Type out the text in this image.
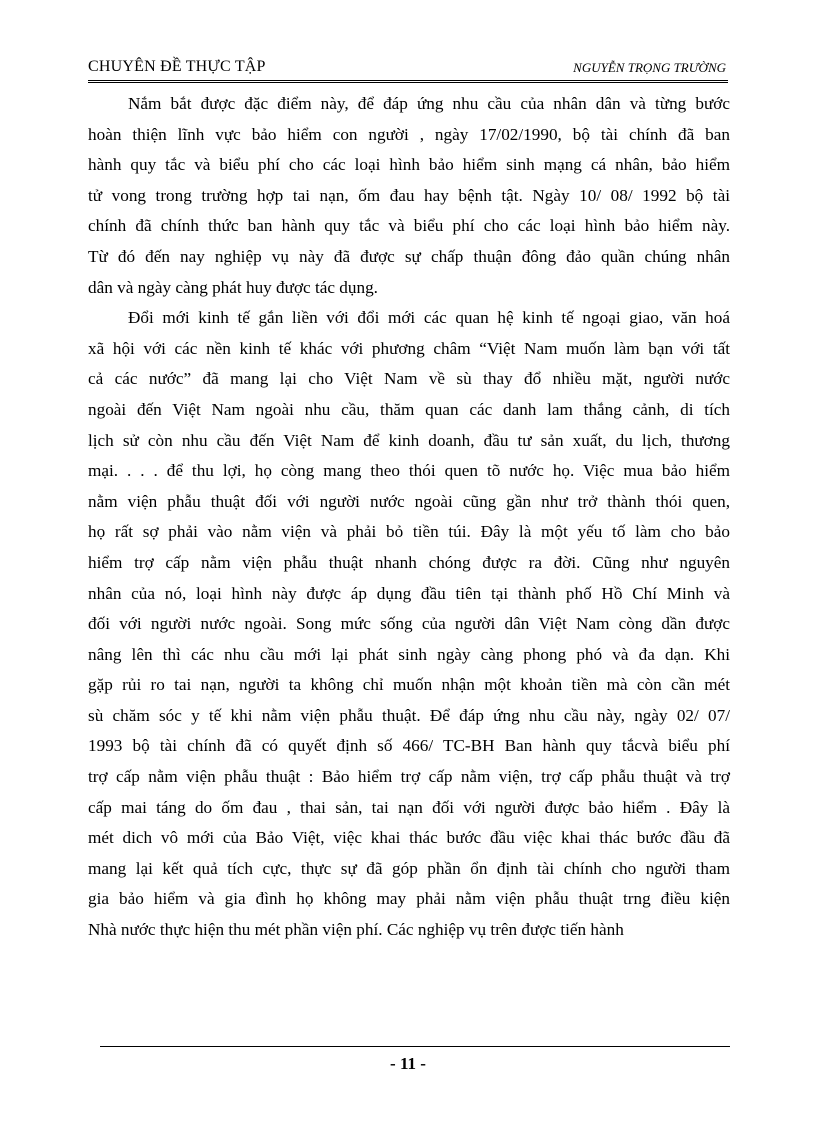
CHUYÊN ĐỀ THỰC TẬP	NGUYỄN TRỌNG TRƯỜNG

Nắm bắt được đặc điểm này, để đáp ứng nhu cầu của nhân dân và từng bước
hoàn thiện lĩnh vực bảo hiểm con người , ngày 17/02/1990, bộ tài chính đã ban
hành quy tắc và biểu phí cho các loại hình bảo hiểm sinh mạng cá nhân, bảo hiểm
tử vong trong trường hợp tai nạn, ốm đau hay bệnh tật. Ngày 10/ 08/ 1992 bộ tài
chính đã chính thức ban hành quy tắc và biểu phí cho các loại hình bảo hiểm này.
Từ đó đến nay nghiệp vụ này đã được sự chấp thuận đông đảo quần chúng nhân
dân và ngày càng phát huy được tác dụng.

Đổi mới kinh tế gắn liền với đổi mới các quan hệ kinh tế ngoại giao, văn hoá
xã hội với các nền kinh tế khác với phương châm “Việt Nam muốn làm bạn với tất
cả các nước” đã mang lại cho Việt Nam về sù thay đổ nhiều mặt, người nước
ngoài đến Việt Nam ngoài nhu cầu, thăm quan các danh lam thắng cảnh, di tích
lịch sử còn nhu cầu đến Việt Nam để kinh doanh, đầu tư sản xuất, du lịch, thương
mại. . . . để thu lợi, họ còng mang theo thói quen tõ nước họ. Việc mua bảo hiểm
nằm viện phẫu thuật đối với người nước ngoài cũng gần như trở thành thói quen,
họ rất sợ phải vào nằm viện và phải bỏ tiền túi. Đây là một yếu tố làm cho bảo
hiểm trợ cấp nằm viện phẫu thuật nhanh chóng được ra đời. Cũng như nguyên
nhân của nó, loại hình này được áp dụng đầu tiên tại thành phố Hồ Chí Minh và
đối với người nước ngoài. Song mức sống của người dân Việt Nam còng dần được
nâng lên thì các nhu cầu mới lại phát sinh ngày càng phong phó và đa dạn. Khi
gặp rủi ro tai nạn, người ta không chỉ muốn nhận một khoản tiền mà còn cần mét
sù chăm sóc y tế khi nằm viện phẫu thuật. Để đáp ứng nhu cầu này, ngày 02/ 07/
1993 bộ tài chính đã có quyết định số 466/ TC-BH Ban hành quy tắcvà biểu phí
trợ cấp nằm viện phẫu thuật : Bảo hiểm trợ cấp nằm viện, trợ cấp phẫu thuật và trợ
cấp mai táng do ốm đau , thai sản, tai nạn đối với người được bảo hiểm . Đây là
mét dich vô mới của Bảo Việt, việc khai thác bước đầu việc khai thác bước đầu đã
mang lại kết quả tích cực, thực sự đã góp phần ổn định tài chính cho người tham
gia bảo hiểm và gia đình họ không may phải nằm viện phẫu thuật trng điều kiện
Nhà nước thực hiện thu mét phần viện phí. Các nghiệp vụ trên được tiến hành

- 11 -
